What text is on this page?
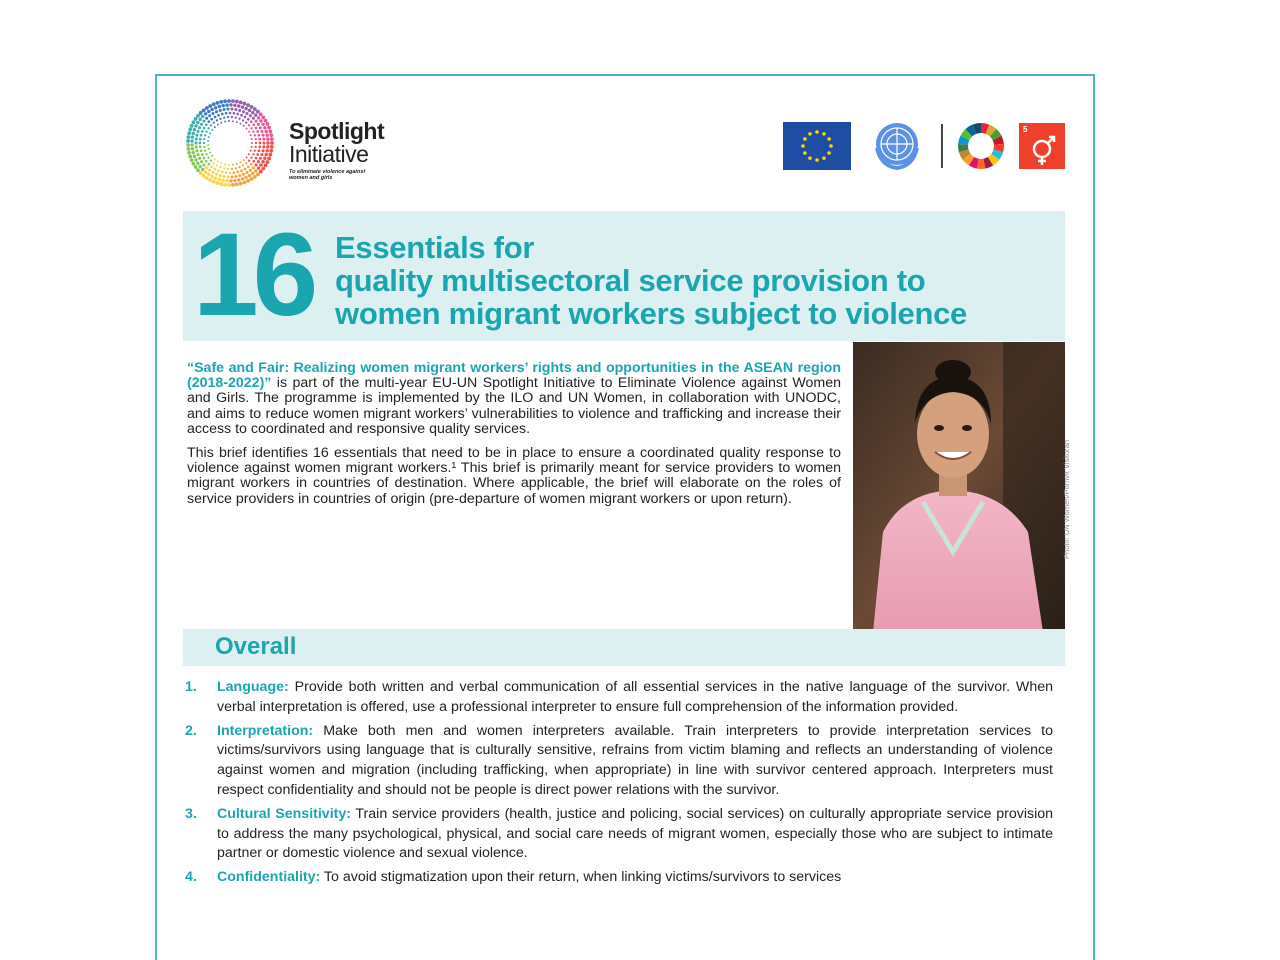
Spotlight
Initiative
To eliminate violence against women and girls
5
16 Essentials for
quality multisectoral service provision to
women migrant workers subject to violence

“Safe and Fair: Realizing women migrant workers’ rights and opportunities in the ASEAN region (2018-2022)” is part of the multi-year EU-UN Spotlight Initiative to Eliminate Violence against Women and Girls. The programme is implemented by the ILO and UN Women, in collaboration with UNODC, and aims to reduce women migrant workers’ vulnerabilities to violence and trafficking and increase their access to coordinated and responsive quality services.

This brief identifies 16 essentials that need to be in place to ensure a coordinated quality response to violence against women migrant workers.¹ This brief is primarily meant for service providers to women migrant workers in countries of destination. Where applicable, the brief will elaborate on the roles of service providers in countries of origin (pre-departure of women migrant workers or upon return).	Photo: UN Women/Pornvit Visitoran
Overall
1. Language: Provide both written and verbal communication of all essential services in the native language of the survivor. When verbal interpretation is offered, use a professional interpreter to ensure full comprehension of the information provided.
2. Interpretation: Make both men and women interpreters available. Train interpreters to provide interpretation services to victims/survivors using language that is culturally sensitive, refrains from victim blaming and reflects an understanding of violence against women and migration (including trafficking, when appropriate) in line with survivor centered approach. Interpreters must respect confidentiality and should not be people is direct power relations with the survivor.
3. Cultural Sensitivity: Train service providers (health, justice and policing, social services) on culturally appropriate service provision to address the many psychological, physical, and social care needs of migrant women, especially those who are subject to intimate partner or domestic violence and sexual violence.
4. Confidentiality: To avoid stigmatization upon their return, when linking victims/survivors to services
